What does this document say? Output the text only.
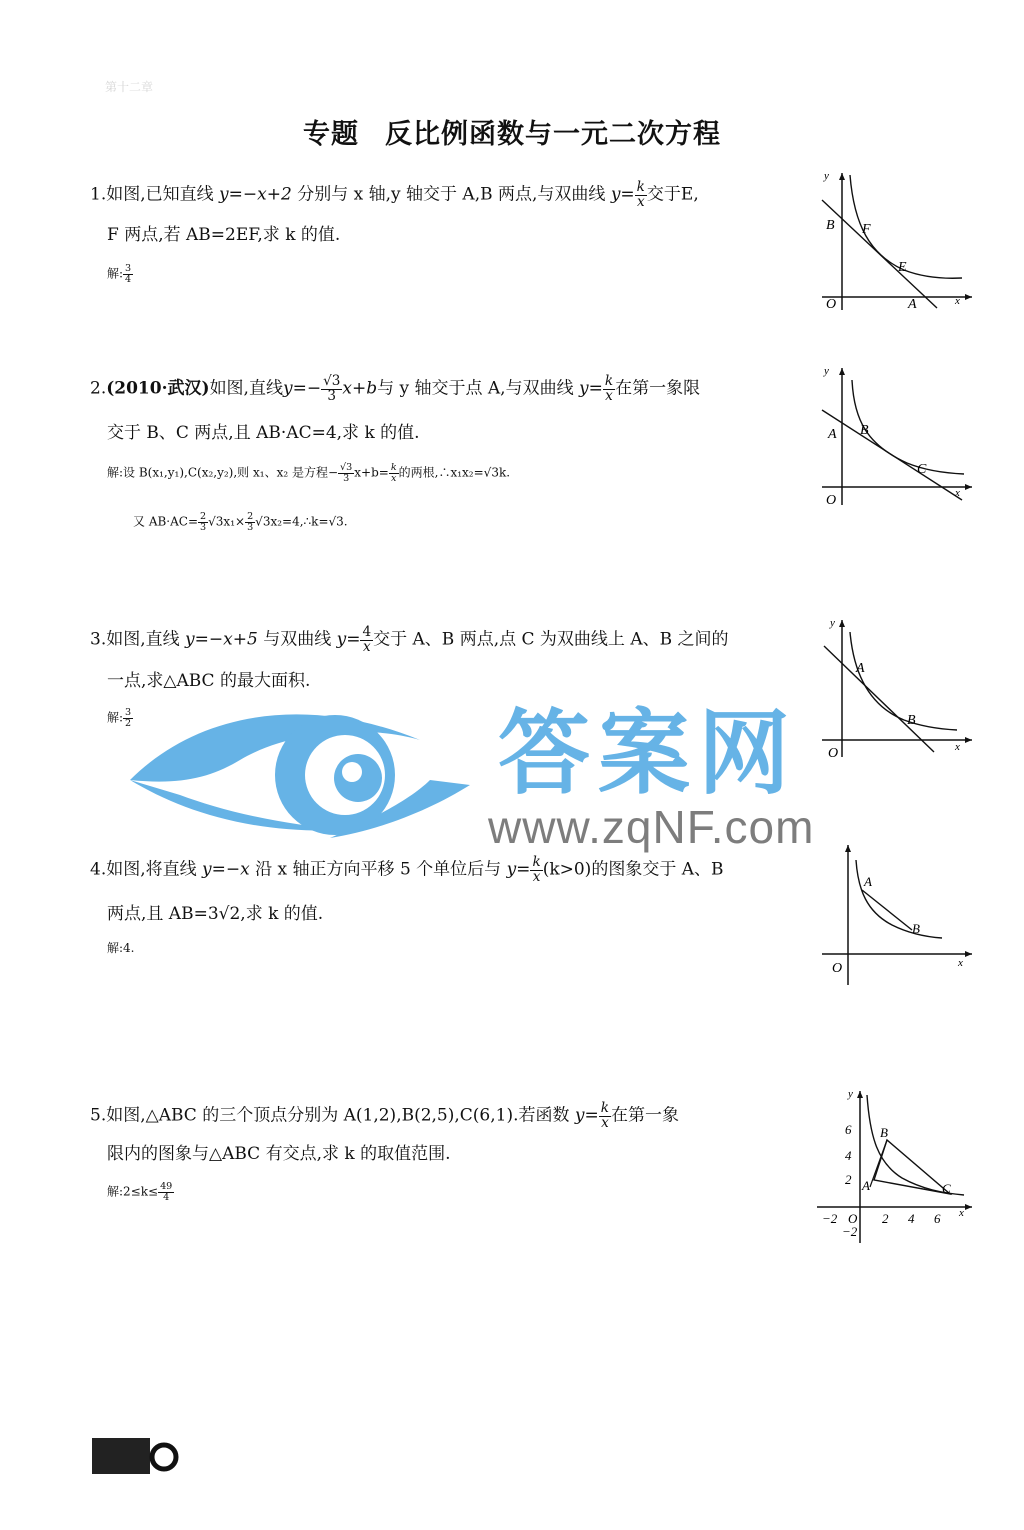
第十二章
专题 反比例函数与一元二次方程
1.如图,已知直线 y=−x+2 分别与 x 轴,y 轴交于 A,B 两点,与双曲线 $y= \frac{k}{x}$ 交于E,
F 两点,若 AB=2EF,求 k 的值.
解: $\frac{3}{4}$
y
B F
E
O	A	x
2.(2010·武汉)如图,直线$y=- \frac{√3}{3} x+b$与 y 轴交于点 A,与双曲线 $y= \frac{k}{x}$ 在第一象限
交于 B、C 两点,且 AB·AC=4,求 k 的值.
解:设 B(x₁,y₁),C(x₂,y₂),则 x₁、x₂ 是方程− $\frac{√3}{3} x+b= \frac{k}{x}$ 的两根,∴x₁x₂=√3k.
又 $AB\cdot AC= \frac{2}{3} √3x_1\times \frac{2}{3}$ √3x₂=4,∴k=√3.
y
A B
C
O	x
3.如图,直线 y=−x+5 与双曲线 $y= \frac{4}{x}$ 交于 A、B 两点,点 C 为双曲线上 A、B 之间的
一点,求△ABC 的最大面积.
解: $\frac{3}{2}$
y
A
B
O	x
4.如图,将直线 y=−x 沿 x 轴正方向平移 5 个单位后与 $y= \frac{k}{x} (k>0)$的图象交于 A、B
两点,且 AB=3√2,求 k 的值.
解:4.
A
B
O	x
5.如图,△ABC 的三个顶点分别为 A(1,2),B(2,5),C(6,1).若函数 $y= \frac{k}{x}$ 在第一象
限内的图象与△ABC 有交点,求 k 的取值范围.
解:2≤k≤ $\frac{49}{4}$
y
6
4
2
B
A	C
−2 O 2 4 6 x
−2
答案网
www.zqNF.com
